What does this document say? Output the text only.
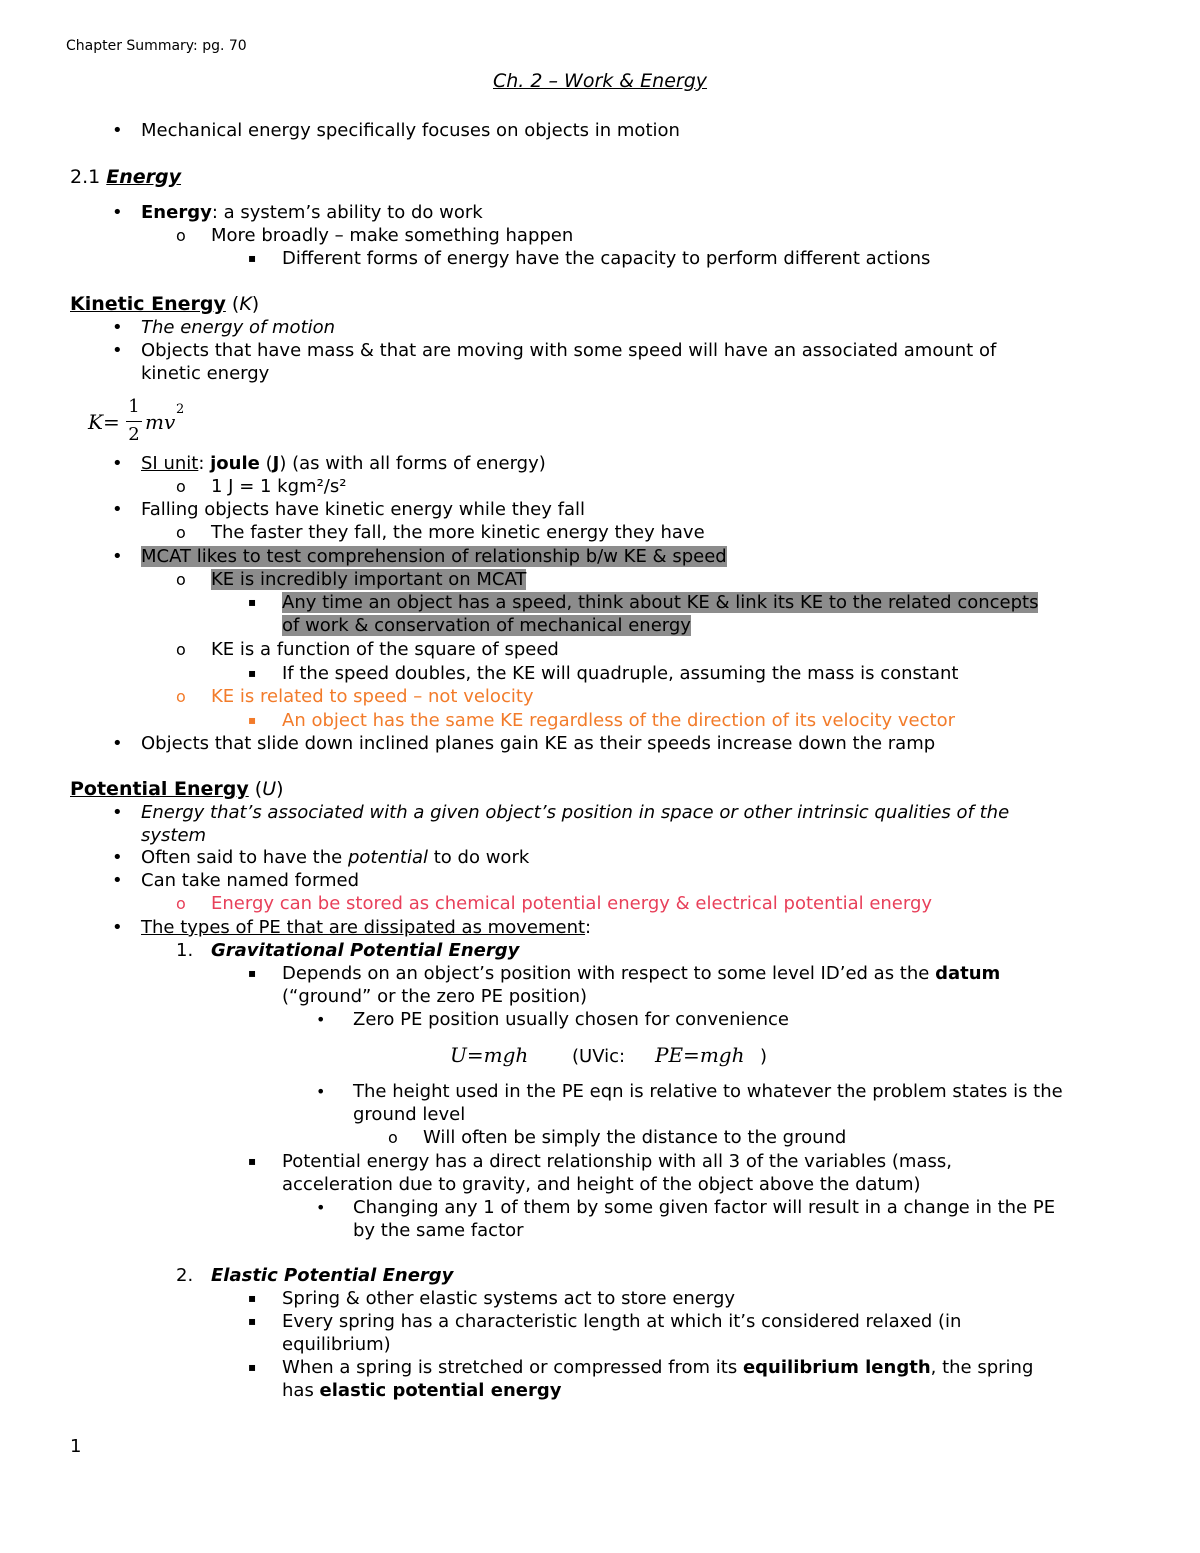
Chapter Summary: pg. 70
Ch. 2 – Work & Energy
• Mechanical energy specifically focuses on objects in motion
2.1 Energy
• Energy: a system’s ability to do work
o More broadly – make something happen
▪ Different forms of energy have the capacity to perform different actions
Kinetic Energy (K)
• The energy of motion
• Objects that have mass & that are moving with some speed will have an associated amount of
kinetic energy
K=
1
2
mv
2
• SI unit: joule (J) (as with all forms of energy)
o 1 J = 1 kgm²/s²
• Falling objects have kinetic energy while they fall
o The faster they fall, the more kinetic energy they have
• MCAT likes to test comprehension of relationship b/w KE & speed
o KE is incredibly important on MCAT
▪ Any time an object has a speed, think about KE & link its KE to the related concepts
of work & conservation of mechanical energy
o KE is a function of the square of speed
▪ If the speed doubles, the KE will quadruple, assuming the mass is constant
o KE is related to speed – not velocity
▪ An object has the same KE regardless of the direction of its velocity vector
• Objects that slide down inclined planes gain KE as their speeds increase down the ramp
Potential Energy (U)
• Energy that’s associated with a given object’s position in space or other intrinsic qualities of the
system
• Often said to have the potential to do work
• Can take named formed
o Energy can be stored as chemical potential energy & electrical potential energy
• The types of PE that are dissipated as movement:
1. Gravitational Potential Energy
▪ Depends on an object’s position with respect to some level ID’ed as the datum
(“ground” or the zero PE position)
• Zero PE position usually chosen for convenience
U=mgh (UVic: PE=mgh )
• The height used in the PE eqn is relative to whatever the problem states is the
ground level
o Will often be simply the distance to the ground
▪ Potential energy has a direct relationship with all 3 of the variables (mass,
acceleration due to gravity, and height of the object above the datum)
• Changing any 1 of them by some given factor will result in a change in the PE
by the same factor
2. Elastic Potential Energy
▪ Spring & other elastic systems act to store energy
▪ Every spring has a characteristic length at which it’s considered relaxed (in
equilibrium)
▪ When a spring is stretched or compressed from its equilibrium length, the spring
has elastic potential energy
1
